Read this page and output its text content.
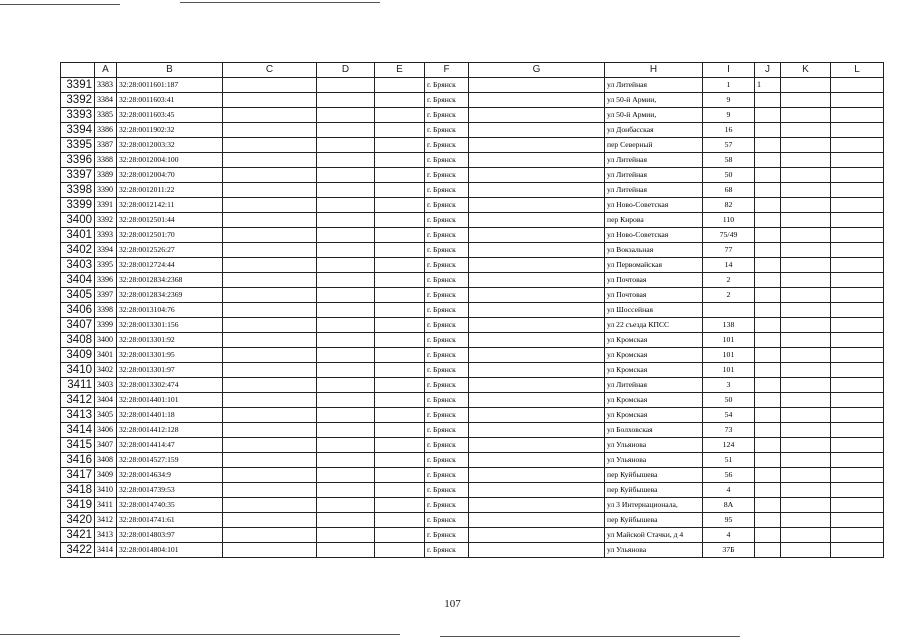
	A	B	C	D	E	F	G	H	I	J	K	L
3391	3383	32:28:0011601:187				г. Брянск		ул Литейная	1	1		
3392	3384	32:28:0011603:41				г. Брянск		ул 50-й Армии,	9			
3393	3385	32:28:0011603:45				г. Брянск		ул 50-й Армии,	9			
3394	3386	32:28:0011902:32				г. Брянск		ул Донбасская	16			
3395	3387	32:28:0012003:32				г. Брянск		пер Северный	57			
3396	3388	32:28:0012004:100				г. Брянск		ул Литейная	58			
3397	3389	32:28:0012004:70				г. Брянск		ул Литейная	50			
3398	3390	32:28:0012011:22				г. Брянск		ул Литейная	68			
3399	3391	32:28:0012142:11				г. Брянск		ул Ново-Советская	82			
3400	3392	32:28:0012501:44				г. Брянск		пер Кирова	110			
3401	3393	32:28:0012501:70				г. Брянск		ул Ново-Советская	75/49			
3402	3394	32:28:0012526:27				г. Брянск		ул Вокзальная	77			
3403	3395	32:28:0012724:44				г. Брянск		ул Первомайская	14			
3404	3396	32:28:0012834:2368				г. Брянск		ул Почтовая	2			
3405	3397	32:28:0012834:2369				г. Брянск		ул Почтовая	2			
3406	3398	32:28:0013104:76				г. Брянск		ул Шоссейная				
3407	3399	32:28:0013301:156				г. Брянск		ул 22 съезда КПСС	138			
3408	3400	32:28:0013301:92				г. Брянск		ул Кромская	101			
3409	3401	32:28:0013301:95				г. Брянск		ул Кромская	101			
3410	3402	32:28:0013301:97				г. Брянск		ул Кромская	101			
3411	3403	32:28:0013302:474				г. Брянск		ул Литейная	3			
3412	3404	32:28:0014401:101				г. Брянск		ул Кромская	50			
3413	3405	32:28:0014401:18				г. Брянск		ул Кромская	54			
3414	3406	32:28:0014412:128				г. Брянск		ул Болховская	73			
3415	3407	32:28:0014414:47				г. Брянск		ул Ульянова	124			
3416	3408	32:28:0014527:159				г. Брянск		ул Ульянова	51			
3417	3409	32:28:0014634:9				г. Брянск		пер Куйбышева	56			
3418	3410	32:28:0014739:53				г. Брянск		пер Куйбышева	4			
3419	3411	32:28:0014740:35				г. Брянск		ул 3 Интернационала,	8А			
3420	3412	32:28:0014741:61				г. Брянск		пер Куйбышева	95			
3421	3413	32:28:0014803:97				г. Брянск		ул Майской Стачки, д 4	4			
3422	3414	32:28:0014804:101				г. Брянск		ул Ульянова	37Б			
107
